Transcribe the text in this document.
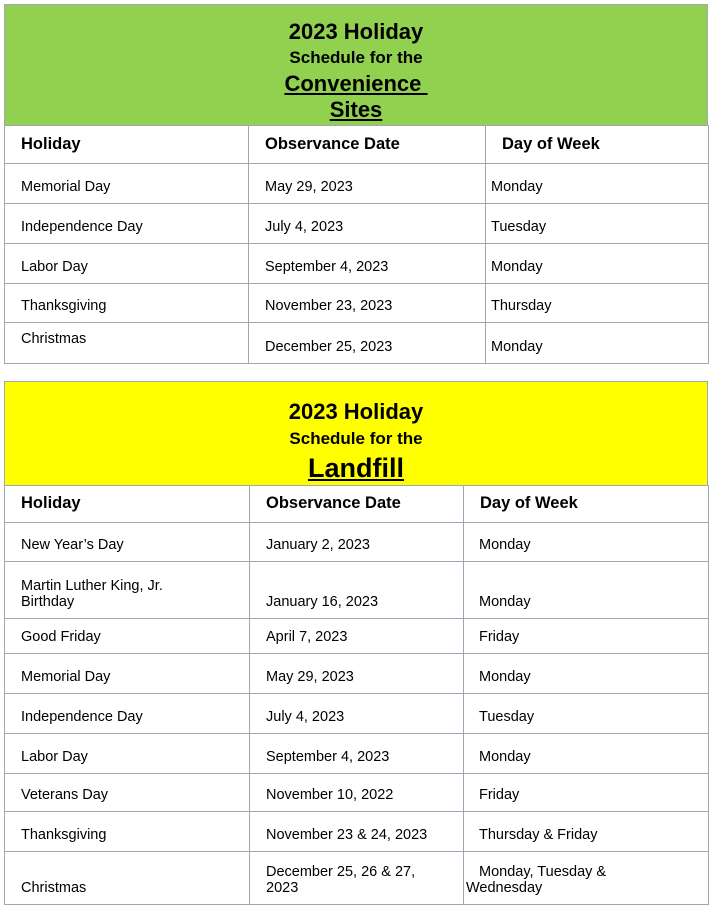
2023 Holiday
Schedule for the
Convenience
Sites
Holiday	Observance Date	Day of Week
Memorial Day	May 29, 2023	Monday
Independence Day	July 4, 2023	Tuesday
Labor Day	September 4, 2023	Monday
Thanksgiving	November 23, 2023	Thursday
Christmas	December 25, 2023	Monday
2023 Holiday
Schedule for the
Landfill
Holiday	Observance Date	Day of Week
New Year’s Day	January 2, 2023	Monday
Martin Luther King, Jr. Birthday	January 16, 2023	Monday
Good Friday	April 7, 2023	Friday
Memorial Day	May 29, 2023	Monday
Independence Day	July 4, 2023	Tuesday
Labor Day	September 4, 2023	Monday
Veterans Day	November 10, 2022	Friday
Thanksgiving	November 23 & 24, 2023	Thursday & Friday
Christmas	December 25, 26 & 27, 2023	Monday, Tuesday & Wednesday
